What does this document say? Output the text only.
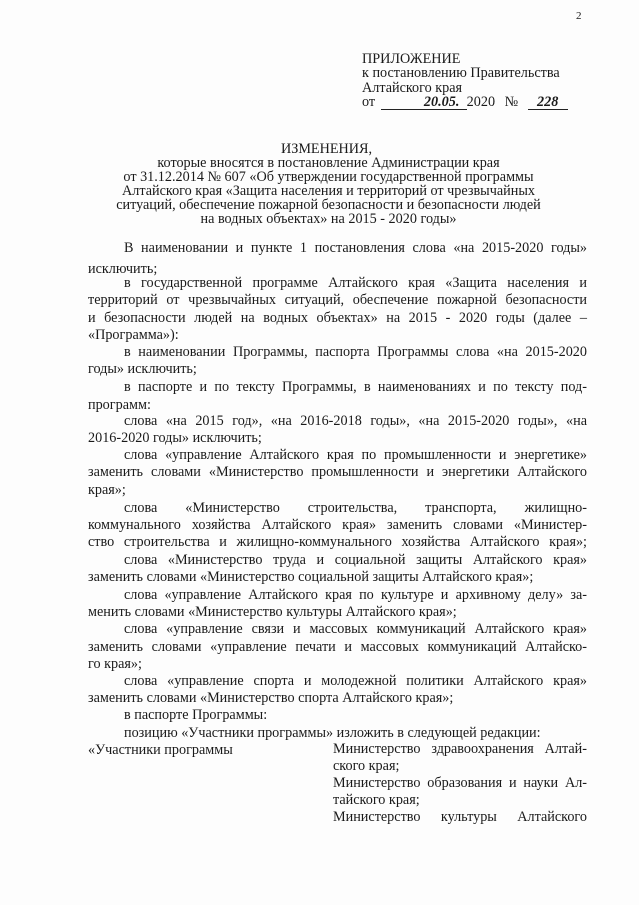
2
ПРИЛОЖЕНИЕ
к постановлению Правительства
Алтайского края
от	20.05. 2020 № 228
ИЗМЕНЕНИЯ,
которые вносятся в постановление Администрации края
от 31.12.2014 № 607 «Об утверждении государственной программы
Алтайского края «Защита населения и территорий от чрезвычайных
ситуаций, обеспечение пожарной безопасности и безопасности людей
на водных объектах» на 2015 - 2020 годы»
В наименовании и пункте 1 постановления слова «на 2015-2020 годы»
исключить;
в государственной программе Алтайского края «Защита населения и
территорий от чрезвычайных ситуаций, обеспечение пожарной безопасности
и безопасности людей на водных объектах» на 2015 - 2020 годы (далее –
«Программа»):
в наименовании Программы, паспорта Программы слова «на 2015-2020
годы» исключить;
в паспорте и по тексту Программы, в наименованиях и по тексту под-
программ:
слова «на 2015 год», «на 2016-2018 годы», «на 2015-2020 годы», «на
2016-2020 годы» исключить;
слова «управление Алтайского края по промышленности и энергетике»
заменить словами «Министерство промышленности и энергетики Алтайского
края»;
слова «Министерство строительства, транспорта, жилищно-
коммунального хозяйства Алтайского края» заменить словами «Министер-
ство строительства и жилищно-коммунального хозяйства Алтайского края»;
слова «Министерство труда и социальной защиты Алтайского края»
заменить словами «Министерство социальной защиты Алтайского края»;
слова «управление Алтайского края по культуре и архивному делу» за-
менить словами «Министерство культуры Алтайского края»;
слова «управление связи и массовых коммуникаций Алтайского края»
заменить словами «управление печати и массовых коммуникаций Алтайско-
го края»;
слова «управление спорта и молодежной политики Алтайского края»
заменить словами «Министерство спорта Алтайского края»;
в паспорте Программы:
позицию «Участники программы» изложить в следующей редакции:
«Участники программы	Министерство здравоохранения Алтай-
ского края;
Министерство образования и науки Ал-
тайского края;
Министерство культуры Алтайского
